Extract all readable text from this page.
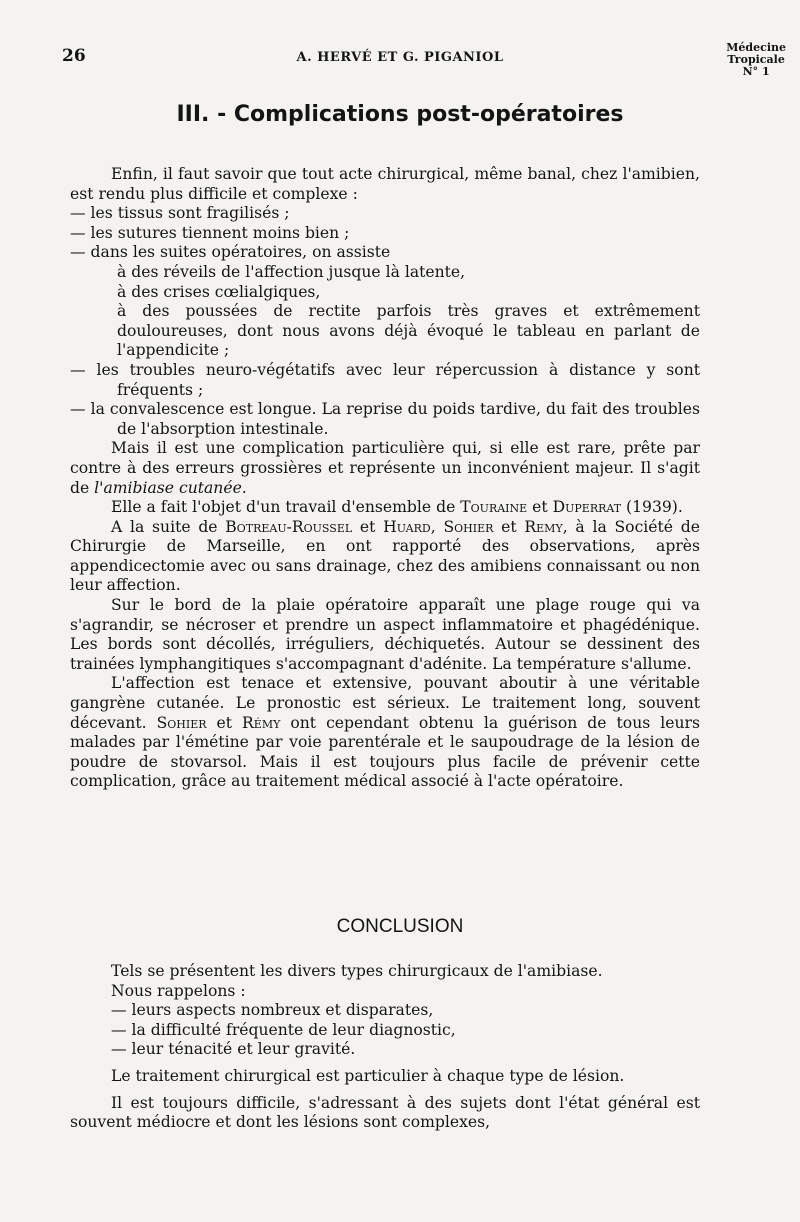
26	A. HERVÉ ET G. PIGANIOL
Médecine
Tropicale
N° 1
III. - Complications post-opératoires

Enfin, il faut savoir que tout acte chirurgical, même banal, chez l'amibien, est rendu plus difficile et complexe :

— les tissus sont fragilisés ;

— les sutures tiennent moins bien ;

— dans les suites opératoires, on assiste

à des réveils de l'affection jusque là latente,

à des crises cœlialgiques,

à des poussées de rectite parfois très graves et extrêmement douloureuses, dont nous avons déjà évoqué le tableau en parlant de l'appendicite ;

— les troubles neuro-végétatifs avec leur répercussion à distance y sont fréquents ;

— la convalescence est longue. La reprise du poids tardive, du fait des troubles de l'absorption intestinale.

Mais il est une complication particulière qui, si elle est rare, prête par contre à des erreurs grossières et représente un inconvénient majeur. Il s'agit de l'amibiase cutanée.

Elle a fait l'objet d'un travail d'ensemble de Touraine et Duperrat (1939).

A la suite de Botreau-Roussel et Huard, Sohier et Remy, à la Société de Chirurgie de Marseille, en ont rapporté des observations, après appendicectomie avec ou sans drainage, chez des amibiens connaissant ou non leur affection.

Sur le bord de la plaie opératoire apparaît une plage rouge qui va s'agrandir, se nécroser et prendre un aspect inflammatoire et phagédénique. Les bords sont décollés, irréguliers, déchiquetés. Autour se dessinent des trainées lymphangitiques s'accompagnant d'adénite. La température s'allume.

L'affection est tenace et extensive, pouvant aboutir à une véritable gangrène cutanée. Le pronostic est sérieux. Le traitement long, souvent décevant. Sohier et Rémy ont cependant obtenu la guérison de tous leurs malades par l'émétine par voie parentérale et le saupoudrage de la lésion de poudre de stovarsol. Mais il est toujours plus facile de prévenir cette complication, grâce au traitement médical associé à l'acte opératoire.

CONCLUSION

Tels se présentent les divers types chirurgicaux de l'amibiase.

Nous rappelons :

— leurs aspects nombreux et disparates,

— la difficulté fréquente de leur diagnostic,

— leur ténacité et leur gravité.

Le traitement chirurgical est particulier à chaque type de lésion.

Il est toujours difficile, s'adressant à des sujets dont l'état général est souvent médiocre et dont les lésions sont complexes,
